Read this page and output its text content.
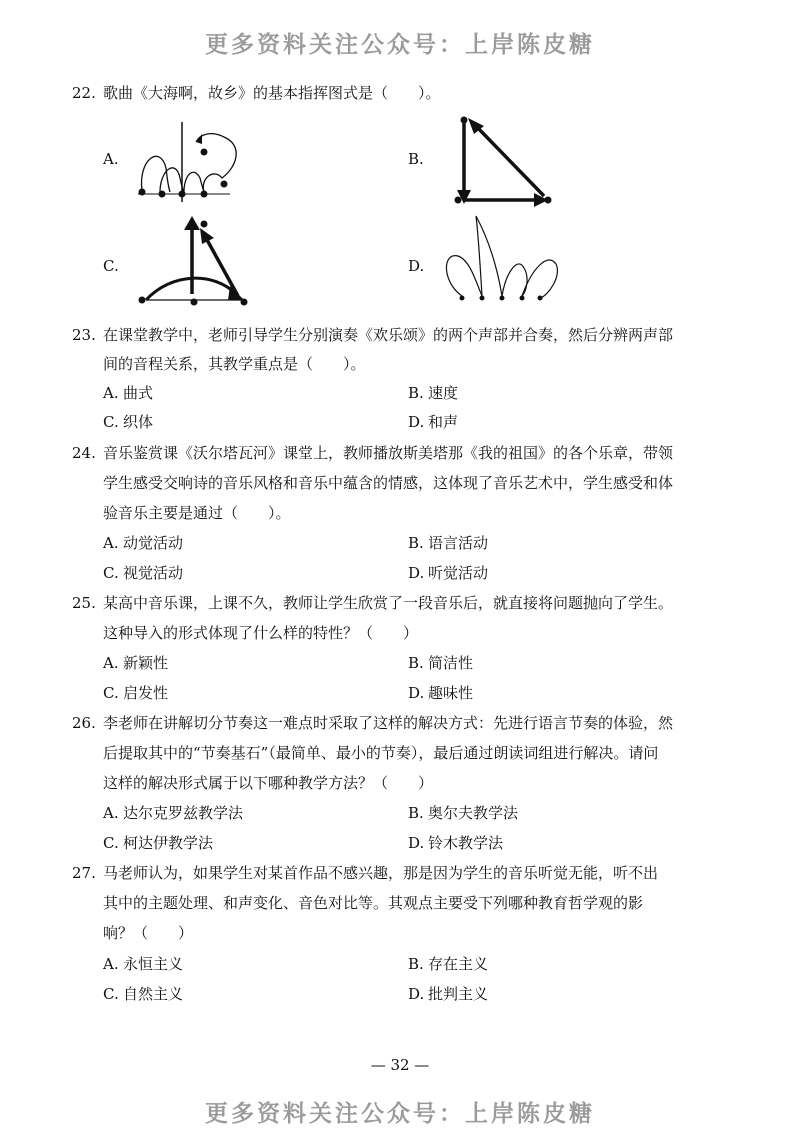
更多资料关注公众号：上岸陈皮糖
22. 歌曲《大海啊，故乡》的基本指挥图式是（　　）。
A.	B.
C.	D.
23. 在课堂教学中，老师引导学生分别演奏《欢乐颂》的两个声部并合奏，然后分辨两声部
间的音程关系，其教学重点是（　　）。
A. 曲式	B. 速度
C. 织体	D. 和声
24. 音乐鉴赏课《沃尔塔瓦河》课堂上，教师播放斯美塔那《我的祖国》的各个乐章，带领
学生感受交响诗的音乐风格和音乐中蕴含的情感，这体现了音乐艺术中，学生感受和体
验音乐主要是通过（　　）。
A. 动觉活动	B. 语言活动
C. 视觉活动	D. 听觉活动
25. 某高中音乐课，上课不久，教师让学生欣赏了一段音乐后，就直接将问题抛向了学生。
这种导入的形式体现了什么样的特性？（　　）
A. 新颖性	B. 简洁性
C. 启发性	D. 趣味性
26. 李老师在讲解切分节奏这一难点时采取了这样的解决方式：先进行语言节奏的体验，然
后提取其中的“节奏基石”（最简单、最小的节奏），最后通过朗读词组进行解决。请问
这样的解决形式属于以下哪种教学方法？（　　）
A. 达尔克罗兹教学法	B. 奥尔夫教学法
C. 柯达伊教学法	D. 铃木教学法
27. 马老师认为，如果学生对某首作品不感兴趣，那是因为学生的音乐听觉无能，听不出
其中的主题处理、和声变化、音色对比等。其观点主要受下列哪种教育哲学观的影
响？（　　）
A. 永恒主义	B. 存在主义
C. 自然主义	D. 批判主义
— 32 —
更多资料关注公众号：上岸陈皮糖
